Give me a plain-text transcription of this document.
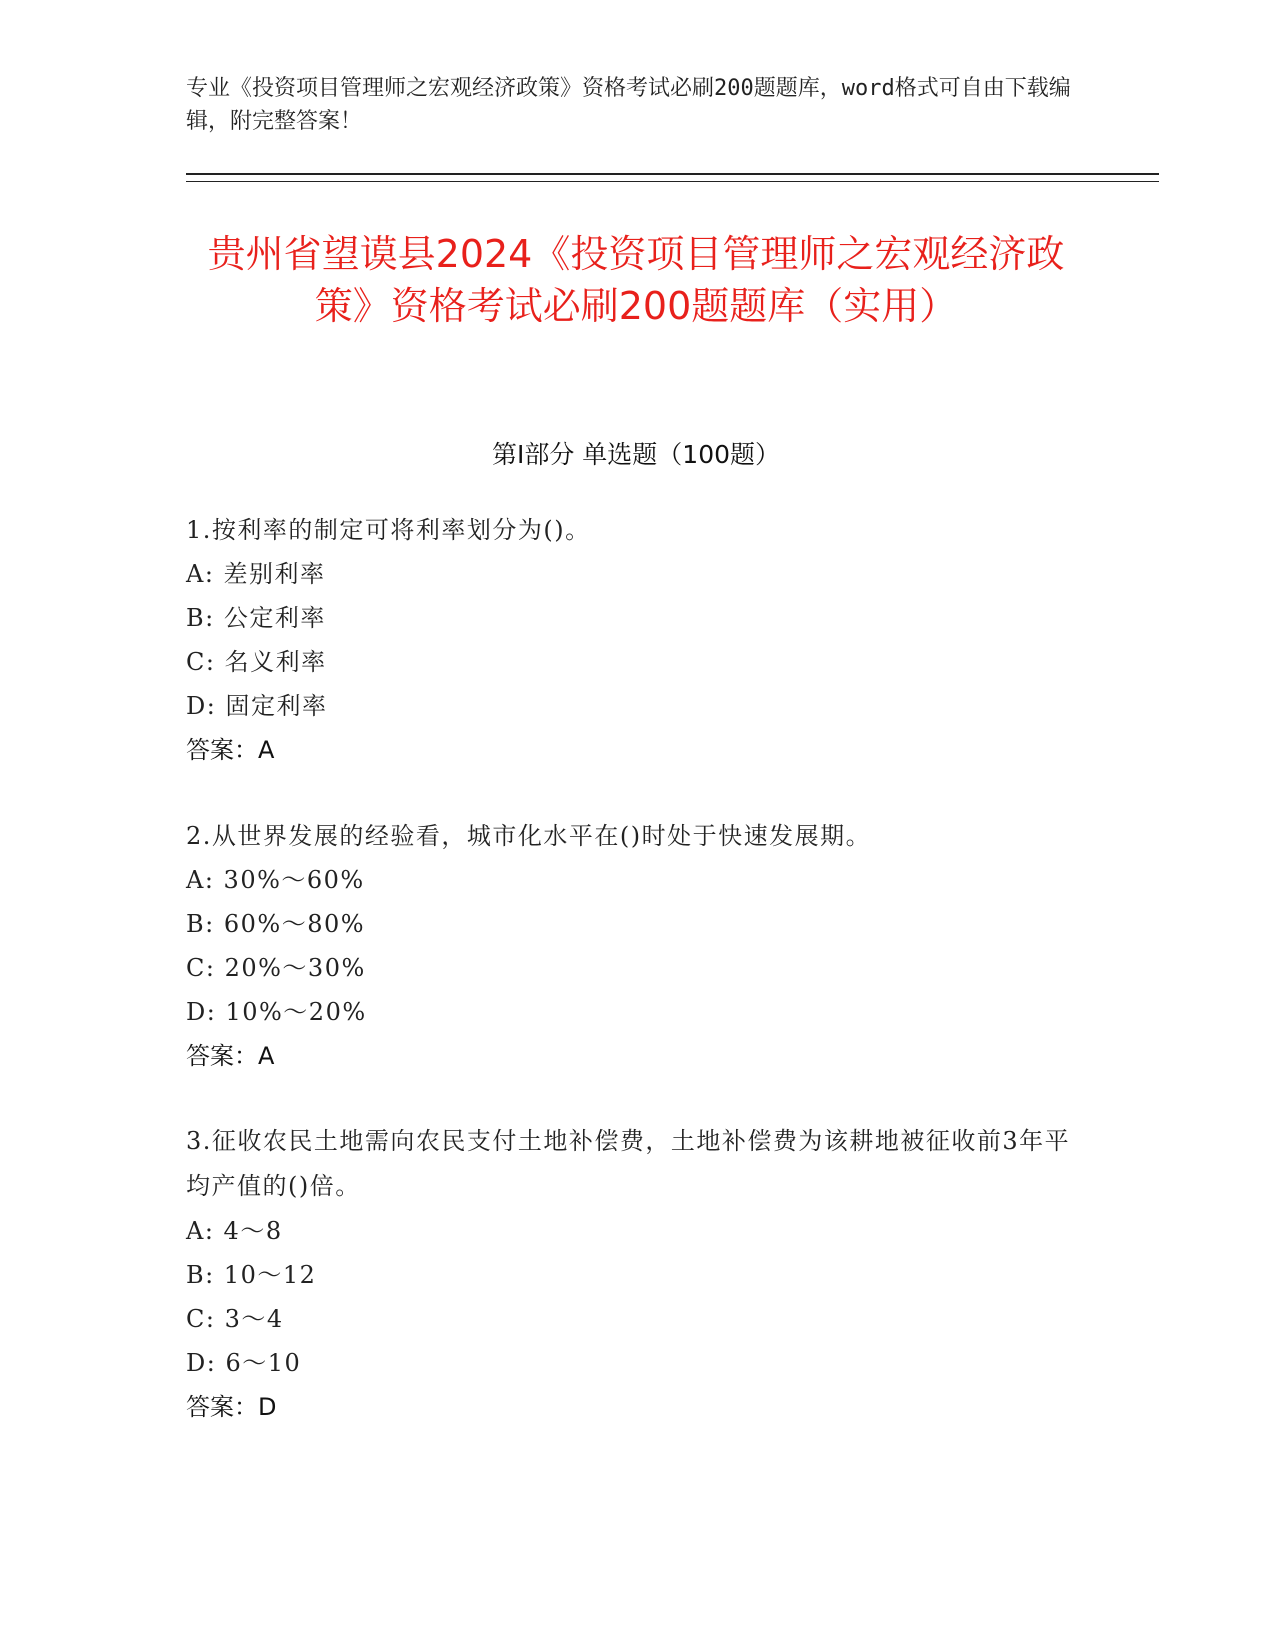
专业《投资项目管理师之宏观经济政策》资格考试必刷200题题库，word格式可自由下载编辑，附完整答案！
贵州省望谟县2024《投资项目管理师之宏观经济政策》资格考试必刷200题题库（实用）
第Ⅰ部分 单选题（100题）

1.按利率的制定可将利率划分为()。

A: 差别利率

B: 公定利率

C: 名义利率

D: 固定利率

答案：A

2.从世界发展的经验看，城市化水平在()时处于快速发展期。

A: 30%～60%

B: 60%～80%

C: 20%～30%

D: 10%～20%

答案：A

3.征收农民土地需向农民支付土地补偿费，土地补偿费为该耕地被征收前3年平均产值的()倍。

A: 4～8

B: 10～12

C: 3～4

D: 6～10

答案：D
